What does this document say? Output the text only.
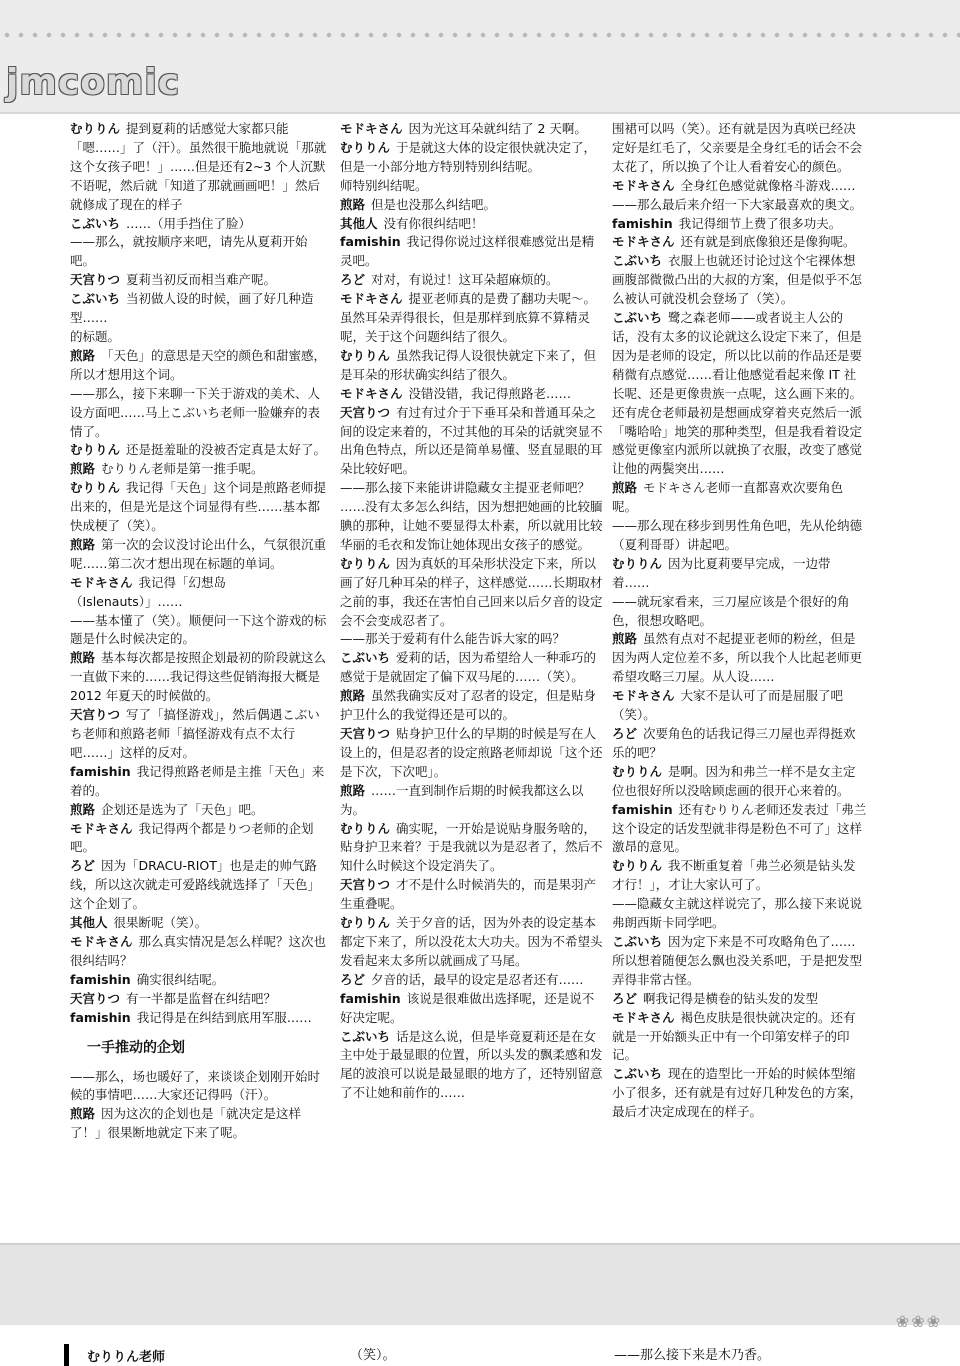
jmcomic

むりりん 提到夏莉的话感觉大家都只能「嗯……」了（汗）。虽然很干脆地就说「那就这个女孩子吧！」……但是还有2~3 个人沉默不语呢，然后就「知道了那就画画吧！」然后就修成了现在的样子

こぶいち ……（用手挡住了脸）

——那么，就按顺序来吧，请先从夏莉开始吧。

天宫りつ 夏莉当初反而相当难产呢。

こぶいち 当初做人设的时候，画了好几种造型……

的标题。

煎路 「天色」的意思是天空的颜色和甜蜜感，所以才想用这个词。

——那么，接下来聊一下关于游戏的美术、人设方面吧……马上こぶいち老师一脸嫌弃的表情了。

むりりん 还是挺羞耻的没被否定真是太好了。

煎路 むりりん老师是第一推手呢。

むりりん 我记得「天色」这个词是煎路老师提出来的，但是光是这个词显得有些……基本都快成梗了（笑）。

煎路 第一次的会议没讨论出什么，气氛很沉重呢……第二次才想出现在标题的单词。

モドキさん 我记得「幻想岛（Islenauts）」……

——基本懂了（笑）。顺便问一下这个游戏的标题是什么时候决定的。

煎路 基本每次都是按照企划最初的阶段就这么一直做下来的……我记得这些促销海报大概是 2012 年夏天的时候做的。

天宫りつ 写了「搞怪游戏」，然后偶遇こぶいち老师和煎路老师「搞怪游戏有点不太行吧……」这样的反对。

famishin 我记得煎路老师是主推「天色」来着的。

煎路 企划还是选为了「天色」吧。

モドキさん 我记得两个都是りつ老师的企划吧。

ろど 因为「DRACU-RIOT」也是走的帅气路线，所以这次就走可爱路线就选择了「天色」这个企划了。

其他人 很果断呢（笑）。

モドキさん 那么真实情况是怎么样呢？这次也很纠结吗？

famishin 确实很纠结呢。

天宫りつ 有一半都是监督在纠结吧？

famishin 我记得是在纠结到底用军服……

一手推动的企划

——那么，场也暖好了，来谈谈企划刚开始时候的事情吧……大家还记得吗（汗）。

煎路 因为这次的企划也是「就决定是这样了！」很果断地就定下来了呢。

モドキさん 因为光这耳朵就纠结了 2 天啊。

むりりん 于是就这大体的设定很快就决定了，但是一小部分地方特别特别纠结呢。

师特别纠结呢。

煎路 但是也没那么纠结吧。

其他人 没有你很纠结吧！

famishin 我记得你说过这样很难感觉出是精灵吧。

ろど 对对，有说过！这耳朵超麻烦的。

モドキさん 提亚老师真的是费了翻功夫呢～。虽然耳朵弄得很长，但是那样到底算不算精灵呢，关于这个问题纠结了很久。

むりりん 虽然我记得人设很快就定下来了，但是耳朵的形状确实纠结了很久。

モドキさん 没错没错，我记得煎路老……

天宫りつ 有过有过介于下垂耳朵和普通耳朵之间的设定来着的，不过其他的耳朵的话就突显不出角色特点，所以还是简单易懂、竖直显眼的耳朵比较好吧。

——那么接下来能讲讲隐藏女主提亚老师吧？

……没有太多怎么纠结，因为想把她画的比较腼腆的那种，让她不要显得太朴素，所以就用比较华丽的毛衣和发饰让她体现出女孩子的感觉。

むりりん 因为真妖的耳朵形状没定下来，所以画了好几种耳朵的样子，这样感觉……长期取材之前的事，我还在害怕自己回来以后夕音的设定会不会变成忍者了。

——那关于爱莉有什么能告诉大家的吗？

こぶいち 爱莉的话，因为希望给人一种乖巧的感觉于是就固定了偏下双马尾的……（笑）。

煎路 虽然我确实反对了忍者的设定，但是贴身护卫什么的我觉得还是可以的。

天宫りつ 贴身护卫什么的早期的时候是写在人设上的，但是忍者的设定煎路老师却说「这个还是下次，下次吧」。

煎路 ……一直到制作后期的时候我都这么以为。

むりりん 确实呢，一开始是说贴身服务啥的，贴身护卫来着？于是我就以为是忍者了，然后不知什么时候这个设定消失了。

天宫りつ 才不是什么时候消失的，而是果羽产生重叠呢。

むりりん 关于夕音的话，因为外表的设定基本都定下来了，所以没花太大功夫。因为不希望头发看起来太多所以就画成了马尾。

ろど 夕音的话，最早的设定是忍者还有……

famishin 该说是很难做出选择呢，还是说不好决定呢。

こぶいち 话是这么说，但是毕竟夏莉还是在女主中处于最显眼的位置，所以头发的飘柔感和发尾的波浪可以说是最显眼的地方了，还特别留意了不让她和前作的……

围裙可以吗（笑）。还有就是因为真咲已经决定好是红毛了，父亲要是全身红毛的话会不会太花了，所以换了个让人看着安心的颜色。

モドキさん 全身红色感觉就像格斗游戏……

——那么最后来介绍一下大家最喜欢的奥文。

famishin 我记得细节上费了很多功夫。

モドキさん 还有就是到底像狼还是像狗呢。

こぶいち 衣服上也就还讨论过这个宅裸体想画腹部微微凸出的大叔的方案，但是似乎不怎么被认可就没机会登场了（笑）。

こぶいち 鹭之森老师——或者说主人公的话，没有太多的议论就这么设定下来了，但是因为是老师的设定，所以比以前的作品还是要稍微有点感觉……看让他感觉看起来像 IT 社长呢、还是更像贵族一点呢，这么画下来的。还有虎仓老师最初是想画成穿着夹克然后一派「嘴哈哈」地笑的那种类型，但是我看着设定感觉更像室内派所以就换了衣服，改变了感觉让他的两鬓突出……

煎路 モドキさん老师一直都喜欢次要角色呢。

——那么现在移步到男性角色吧，先从伦纳德（夏利哥哥）讲起吧。

むりりん 因为比夏莉要早完成，一边带着……

——就玩家看来，三刀屋应该是个很好的角色，很想攻略吧。

煎路 虽然有点对不起提亚老师的粉丝，但是因为两人定位差不多，所以我个人比起老师更希望攻略三刀屋。从人设……

モドキさん 大家不是认可了而是屈服了吧（笑）。

ろど 次要角色的话我记得三刀屋也弄得挺欢乐的吧？

むりりん 是啊。因为和弗兰一样不是女主定位也很好所以没啥顾虑画的很开心来着的。

famishin 还有むりりん老师还发表过「弗兰这个设定的话发型就非得是粉色不可了」这样激昂的意见。

むりりん 我不断重复着「弗兰必须是钻头发才行！」，才让大家认可了。

——隐藏女主就这样说完了，那么接下来说说弗朗西斯卡同学吧。

こぶいち 因为定下来是不可攻略角色了……所以想着随便怎么飘也没关系吧，于是把发型弄得非常古怪。

ろど 啊我记得是横卷的钻头发的发型

モドキさん 褐色皮肤是很快就决定的。还有就是一开始额头正中有一个印第安样子的印记。

こぶいち 现在的造型比一开始的时候体型缩小了很多，还有就是有过好几种发色的方案，最后才决定成现在的样子。

❀❀❀
むりりん老师	（笑）。	——那么接下来是木乃香。
